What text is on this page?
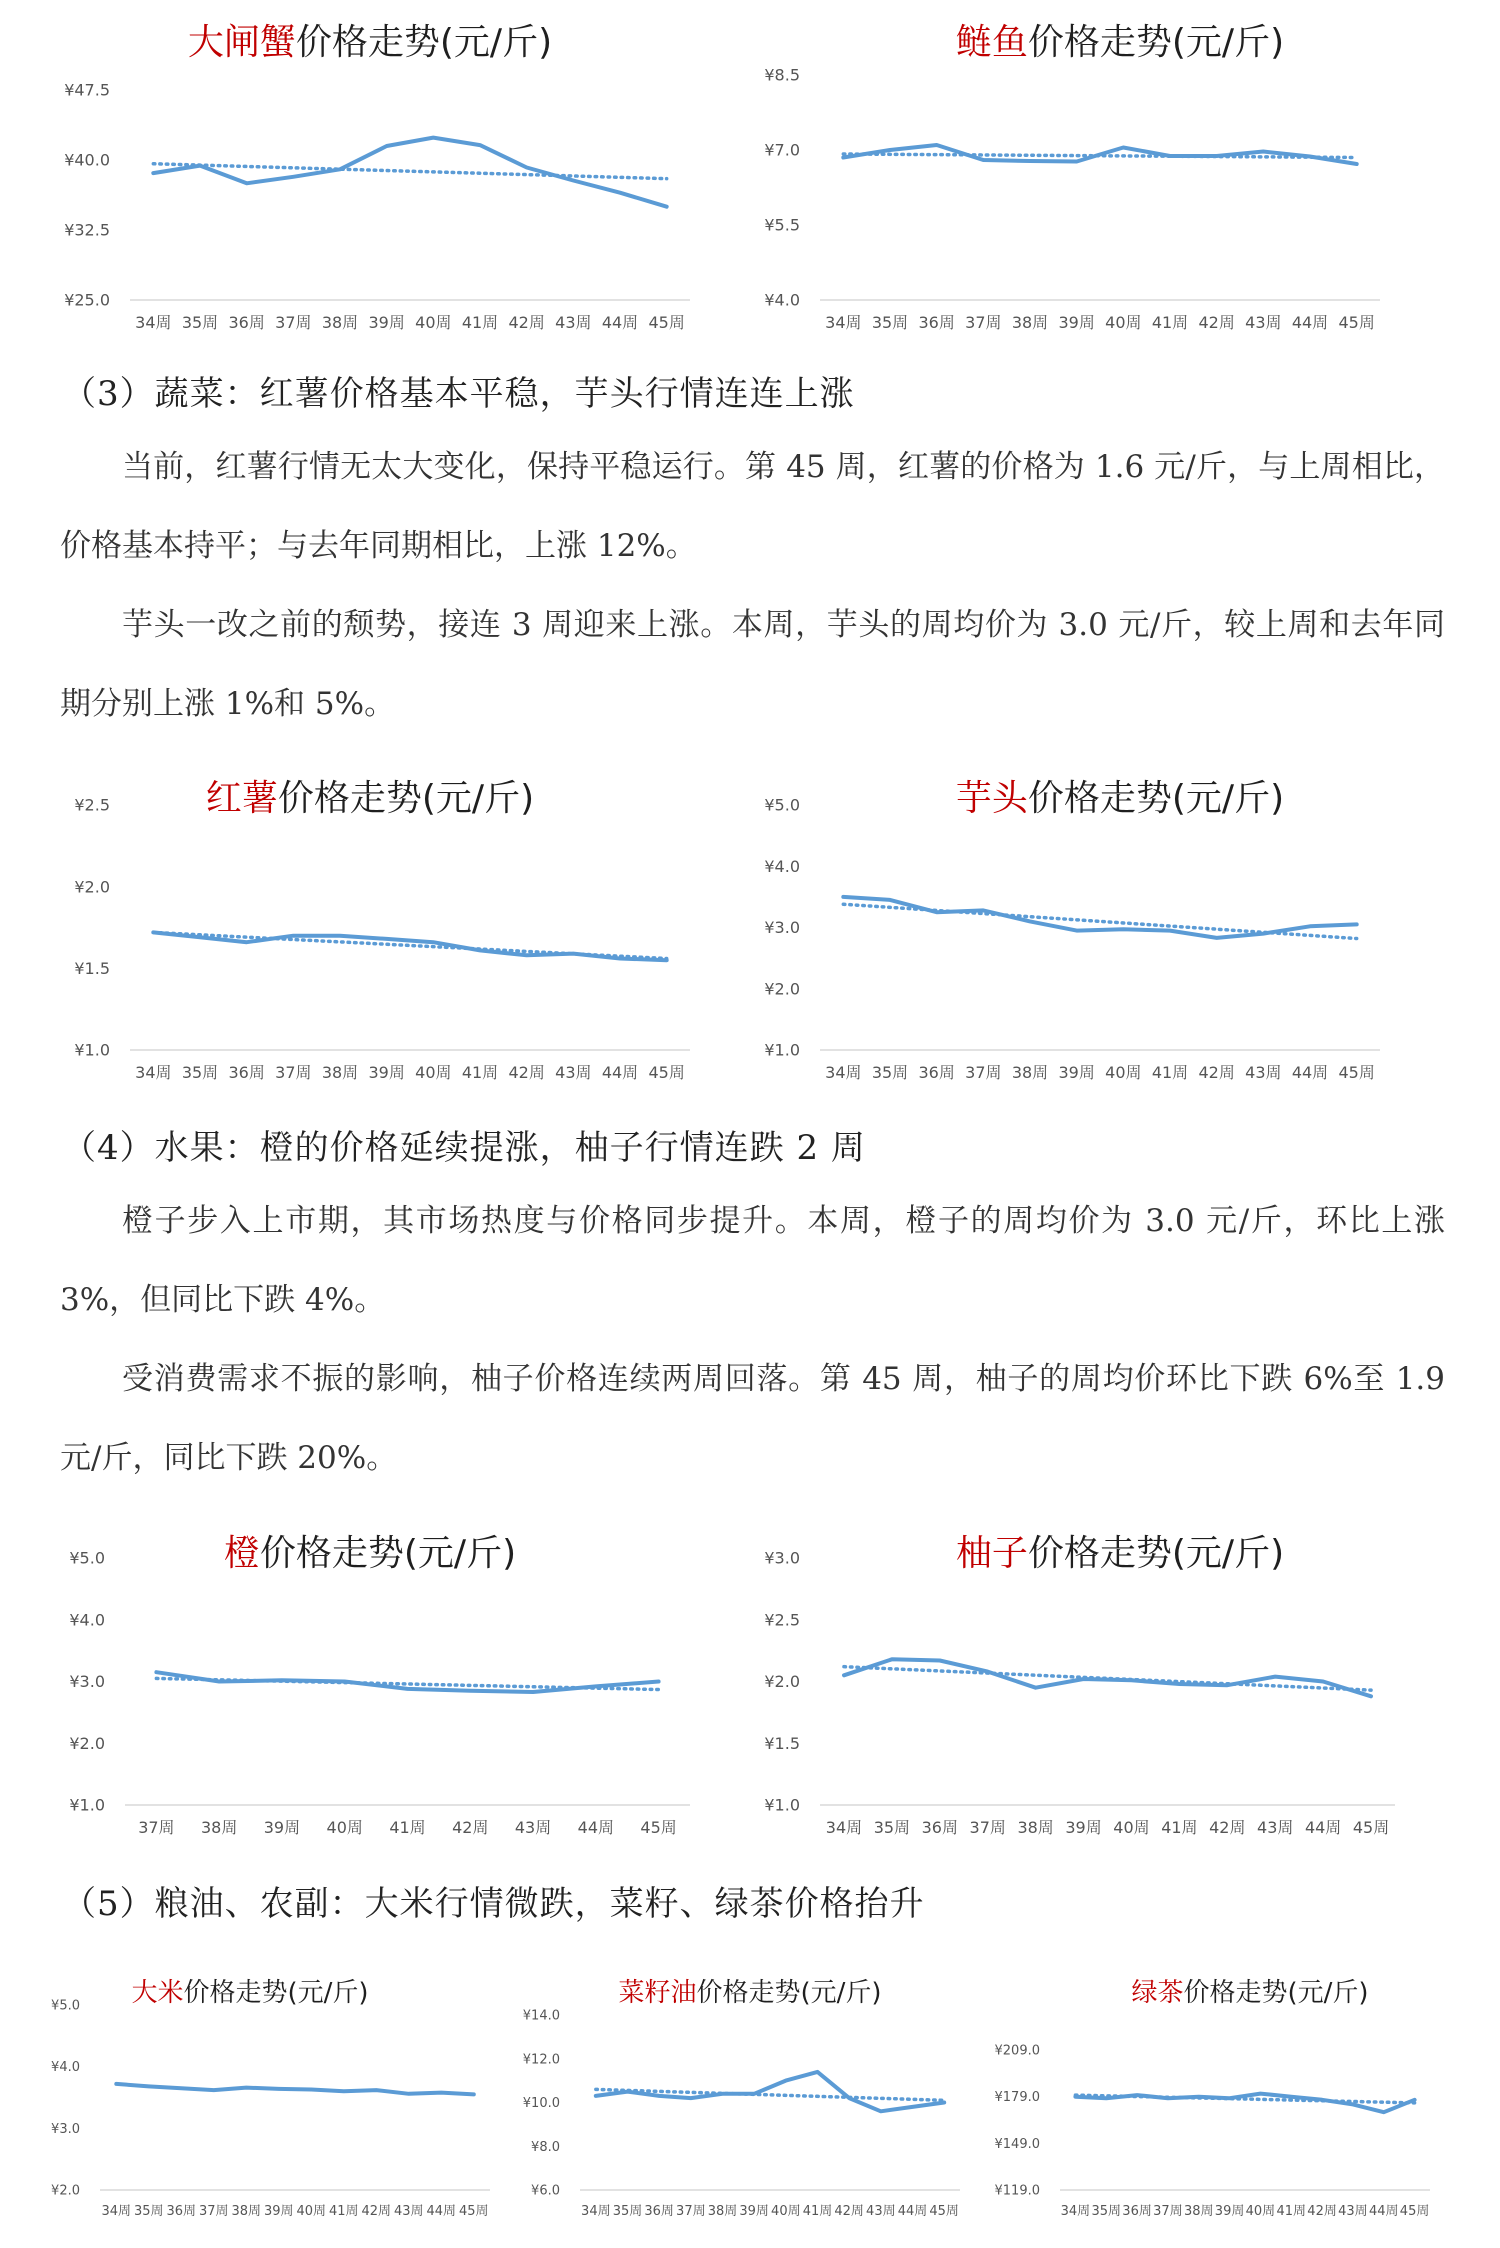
大闸蟹价格走势(元/斤)
¥25.0
¥32.5
¥40.0
¥47.5
34周 35周 36周 37周 38周 39周 40周 41周 42周 43周 44周 45周
鲢鱼价格走势(元/斤)
¥4.0
¥5.5
¥7.0
¥8.5
34周 35周 36周 37周 38周 39周 40周 41周 42周 43周 44周 45周
（3）蔬菜：红薯价格基本平稳，芋头行情连连上涨
当前，红薯行情无太大变化，保持平稳运行。第 45 周，红薯的价格为 1.6 元/斤，与上周相比，价格基本持平；与去年同期相比，上涨 12%。
芋头一改之前的颓势，接连 3 周迎来上涨。本周，芋头的周均价为 3.0 元/斤，较上周和去年同期分别上涨 1%和 5%。
红薯价格走势(元/斤)
¥1.0
¥1.5
¥2.0
¥2.5
34周 35周 36周 37周 38周 39周 40周 41周 42周 43周 44周 45周
芋头价格走势(元/斤)
¥1.0
¥2.0
¥3.0
¥4.0
¥5.0
34周 35周 36周 37周 38周 39周 40周 41周 42周 43周 44周 45周
（4）水果：橙的价格延续提涨，柚子行情连跌 2 周
橙子步入上市期，其市场热度与价格同步提升。本周，橙子的周均价为 3.0 元/斤，环比上涨 3%，但同比下跌 4%。
受消费需求不振的影响，柚子价格连续两周回落。第 45 周，柚子的周均价环比下跌 6%至 1.9 元/斤，同比下跌 20%。
橙价格走势(元/斤)
¥1.0
¥2.0
¥3.0
¥4.0
¥5.0
37周 38周 39周 40周 41周 42周 43周 44周 45周
柚子价格走势(元/斤)
¥1.0
¥1.5
¥2.0
¥2.5
¥3.0
34周 35周 36周 37周 38周 39周 40周 41周 42周 43周 44周 45周
（5）粮油、农副：大米行情微跌，菜籽、绿茶价格抬升
大米价格走势(元/斤)
¥2.0
¥3.0
¥4.0
¥5.0
34周 35周 36周 37周 38周 39周 40周 41周 42周 43周 44周 45周
菜籽油价格走势(元/斤)
¥6.0
¥8.0
¥10.0
¥12.0
¥14.0
34周 35周 36周 37周 38周 39周 40周 41周 42周 43周 44周 45周
绿茶价格走势(元/斤)
¥119.0
¥149.0
¥179.0
¥209.0
34周 35周 36周 37周 38周 39周 40周 41周 42周 43周 44周 45周
